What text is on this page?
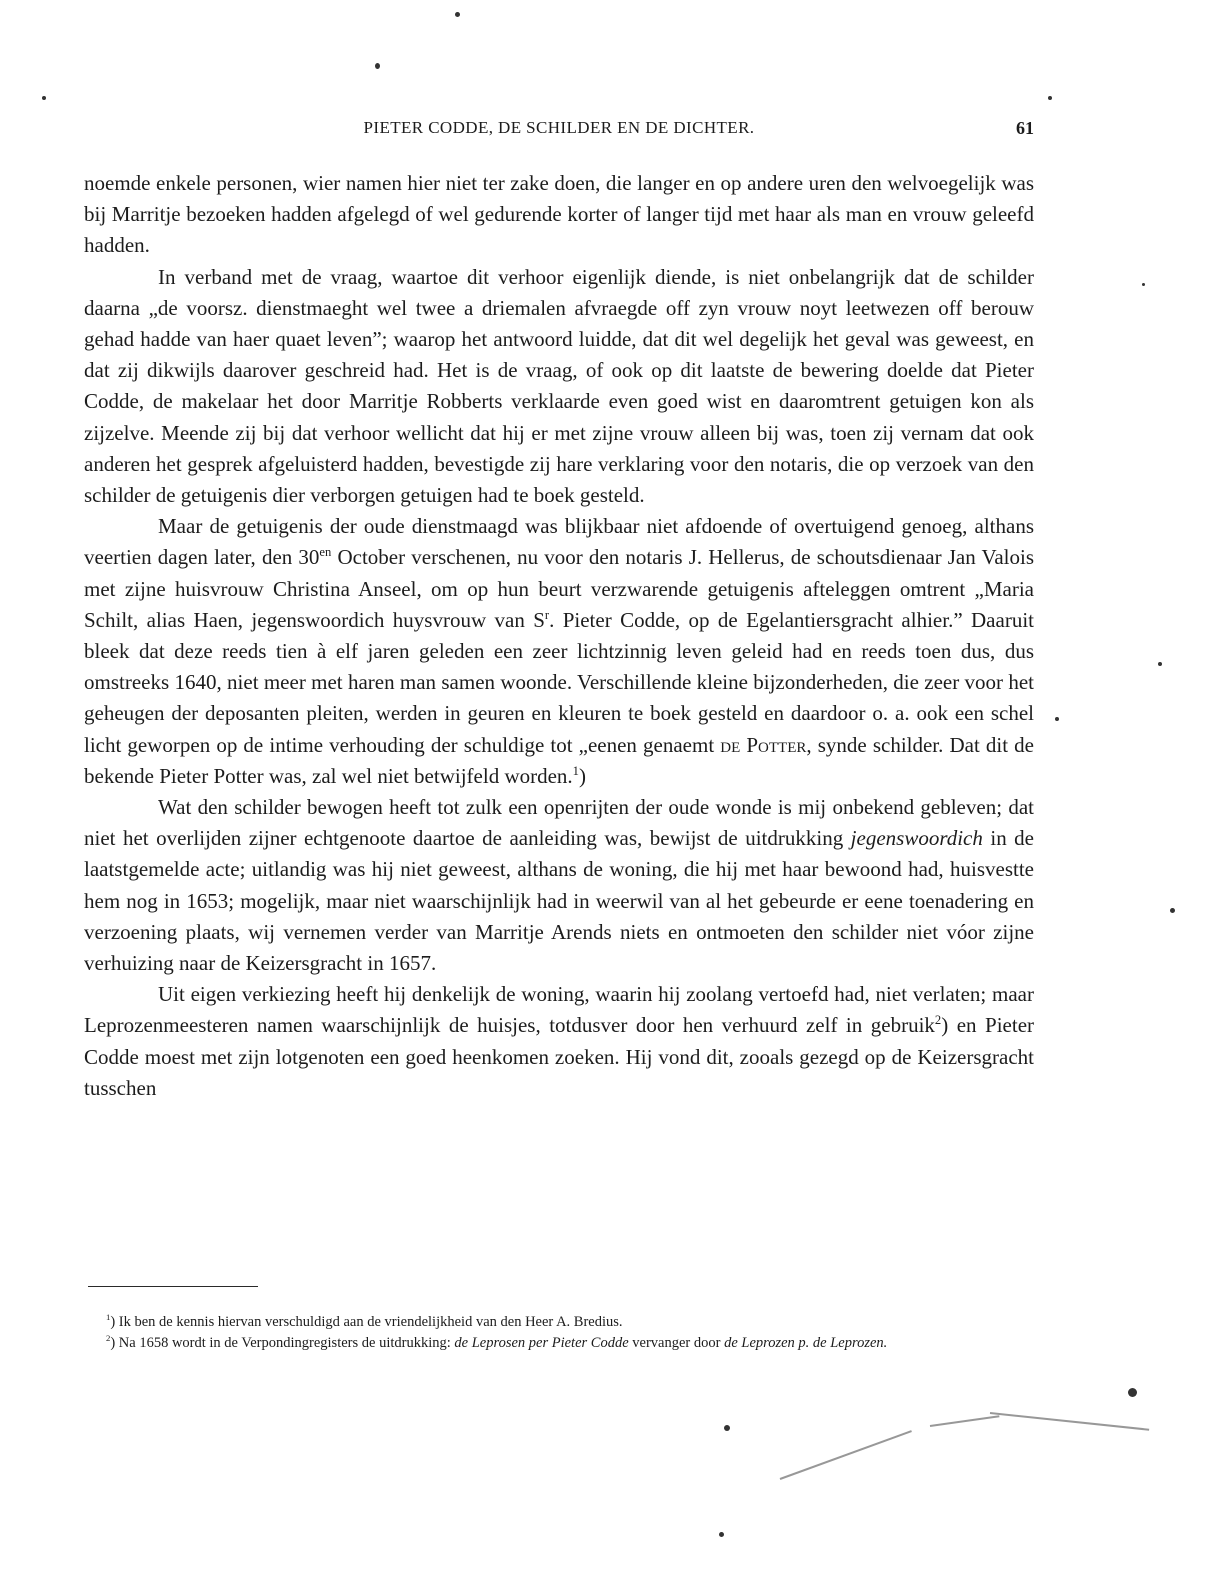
PIETER CODDE, DE SCHILDER EN DE DICHTER.	61

noemde enkele personen, wier namen hier niet ter zake doen, die langer en op andere uren den welvoegelijk was bij Marritje bezoeken hadden afgelegd of wel gedurende korter of langer tijd met haar als man en vrouw geleefd hadden.

In verband met de vraag, waartoe dit verhoor eigenlijk diende, is niet onbelangrijk dat de schilder daarna „de voorsz. dienstmaeght wel twee a driemalen afvraegde off zyn vrouw noyt leetwezen off berouw gehad hadde van haer quaet leven”; waarop het antwoord luidde, dat dit wel degelijk het geval was geweest, en dat zij dikwijls daarover geschreid had. Het is de vraag, of ook op dit laatste de bewering doelde dat Pieter Codde, de makelaar het door Marritje Robberts verklaarde even goed wist en daaromtrent getuigen kon als zijzelve. Meende zij bij dat verhoor wellicht dat hij er met zijne vrouw alleen bij was, toen zij vernam dat ook anderen het gesprek afgeluisterd hadden, bevestigde zij hare verklaring voor den notaris, die op verzoek van den schilder de getuigenis dier verborgen getuigen had te boek gesteld.

Maar de getuigenis der oude dienstmaagd was blijkbaar niet afdoende of overtuigend genoeg, althans veertien dagen later, den $30^{en}$ October verschenen, nu voor den notaris J. Hellerus, de schoutsdienaar Jan Valois met zijne huisvrouw Christina Anseel, om op hun beurt verzwarende getuigenis afteleggen omtrent „Maria Schilt, alias Haen, jegenswoordich huysvrouw van $S^r$. Pieter Codde, op de Egelantiersgracht alhier.” Daaruit bleek dat deze reeds tien à elf jaren geleden een zeer lichtzinnig leven geleid had en reeds toen dus, dus omstreeks 1640, niet meer met haren man samen woonde. Verschillende kleine bijzonderheden, die zeer voor het geheugen der deposanten pleiten, werden in geuren en kleuren te boek gesteld en daardoor o. a. ook een schel licht geworpen op de intime verhouding der schuldige tot „eenen genaemt de Potter, synde schilder. Dat dit de bekende Pieter Potter was, zal wel niet betwijfeld worden.$^1$)

Wat den schilder bewogen heeft tot zulk een openrijten der oude wonde is mij onbekend gebleven; dat niet het overlijden zijner echtgenoote daartoe de aanleiding was, bewijst de uitdrukking jegenswoordich in de laatstgemelde acte; uitlandig was hij niet geweest, althans de woning, die hij met haar bewoond had, huisvestte hem nog in 1653; mogelijk, maar niet waarschijnlijk had in weerwil van al het gebeurde er eene toenadering en verzoening plaats, wij vernemen verder van Marritje Arends niets en ontmoeten den schilder niet vóor zijne verhuizing naar de Keizersgracht in 1657.

Uit eigen verkiezing heeft hij denkelijk de woning, waarin hij zoolang vertoefd had, niet verlaten; maar Leprozenmeesteren namen waarschijnlijk de huisjes, totdusver door hen verhuurd zelf in gebruik$^2$) en Pieter Codde moest met zijn lotgenoten een goed heenkomen zoeken. Hij vond dit, zooals gezegd op de Keizersgracht tusschen

$^1$) Ik ben de kennis hiervan verschuldigd aan de vriendelijkheid van den Heer A. Bredius.

$^2$) Na 1658 wordt in de Verpondingregisters de uitdrukking: de Leprosen per Pieter Codde vervanger door de Leprozen p. de Leprozen.
